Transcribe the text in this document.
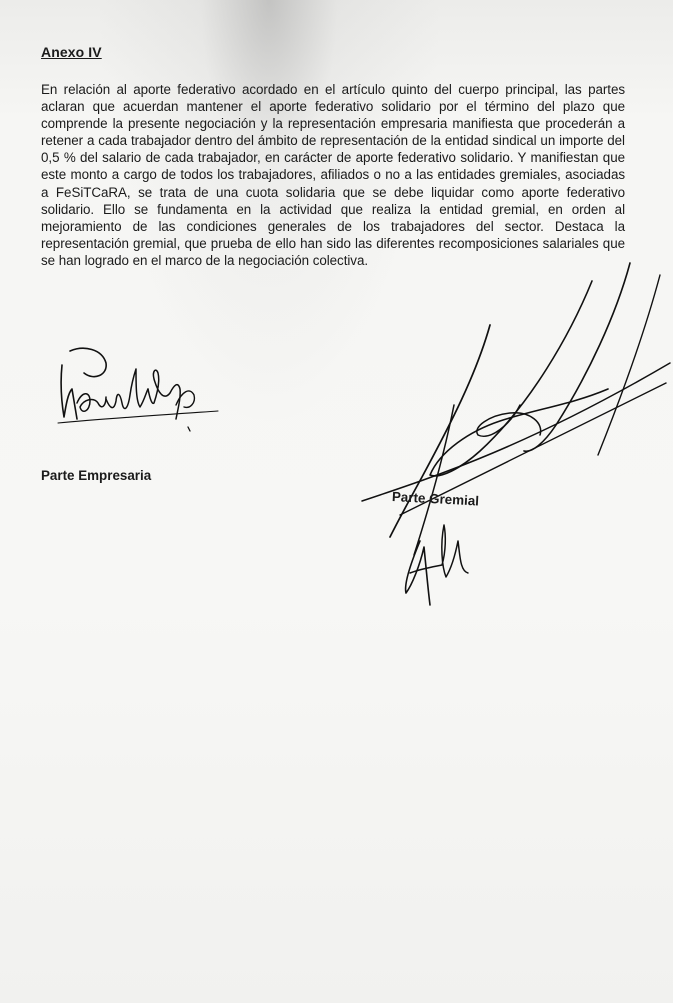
Anexo IV
En relación al aporte federativo acordado en el artículo quinto del cuerpo principal, las partes aclaran que acuerdan mantener el aporte federativo solidario por el término del plazo que comprende la presente negociación y la representación empresaria manifiesta que procederán a retener a cada trabajador dentro del ámbito de representación de la entidad sindical un importe del 0,5 % del salario de cada trabajador, en carácter de aporte federativo solidario. Y manifiestan que este monto a cargo de todos los trabajadores, afiliados o no a las entidades gremiales, asociadas a FeSiTCaRA, se trata de una cuota solidaria que se debe liquidar como aporte federativo solidario. Ello se fundamenta en la actividad que realiza la entidad gremial, en orden al mejoramiento de las condiciones generales de los trabajadores del sector. Destaca la representación gremial, que prueba de ello han sido las diferentes recomposiciones salariales que se han logrado en el marco de la negociación colectiva.
Parte Empresaria
Parte Gremial
